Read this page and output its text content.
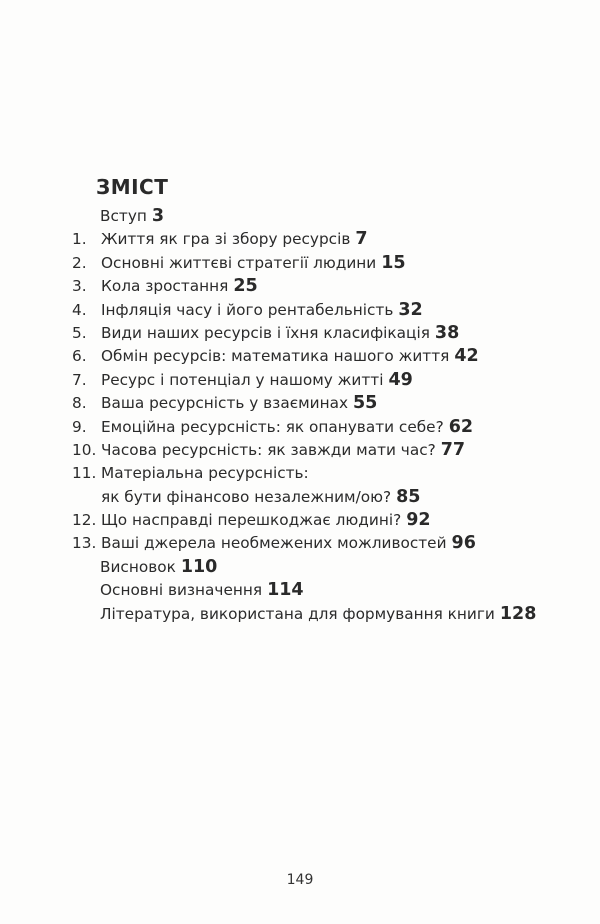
ЗМІСТ
Вступ 3
1. Життя як гра зі збору ресурсів 7
2. Основні життєві стратегії людини 15
3. Кола зростання 25
4. Інфляція часу і його рентабельність 32
5. Види наших ресурсів і їхня класифікація 38
6. Обмін ресурсів: математика нашого життя 42
7. Ресурс і потенціал у нашому житті 49
8. Ваша ресурсність у взаєминах 55
9. Емоційна ресурсність: як опанувати себе? 62
10. Часова ресурсність: як завжди мати час? 77
11. Матеріальна ресурсність:
як бути фінансово незалежним/ою? 85
12. Що насправді перешкоджає людині? 92
13. Ваші джерела необмежених можливостей 96
Висновок 110
Основні визначення 114
Література, використана для формування книги 128
149
